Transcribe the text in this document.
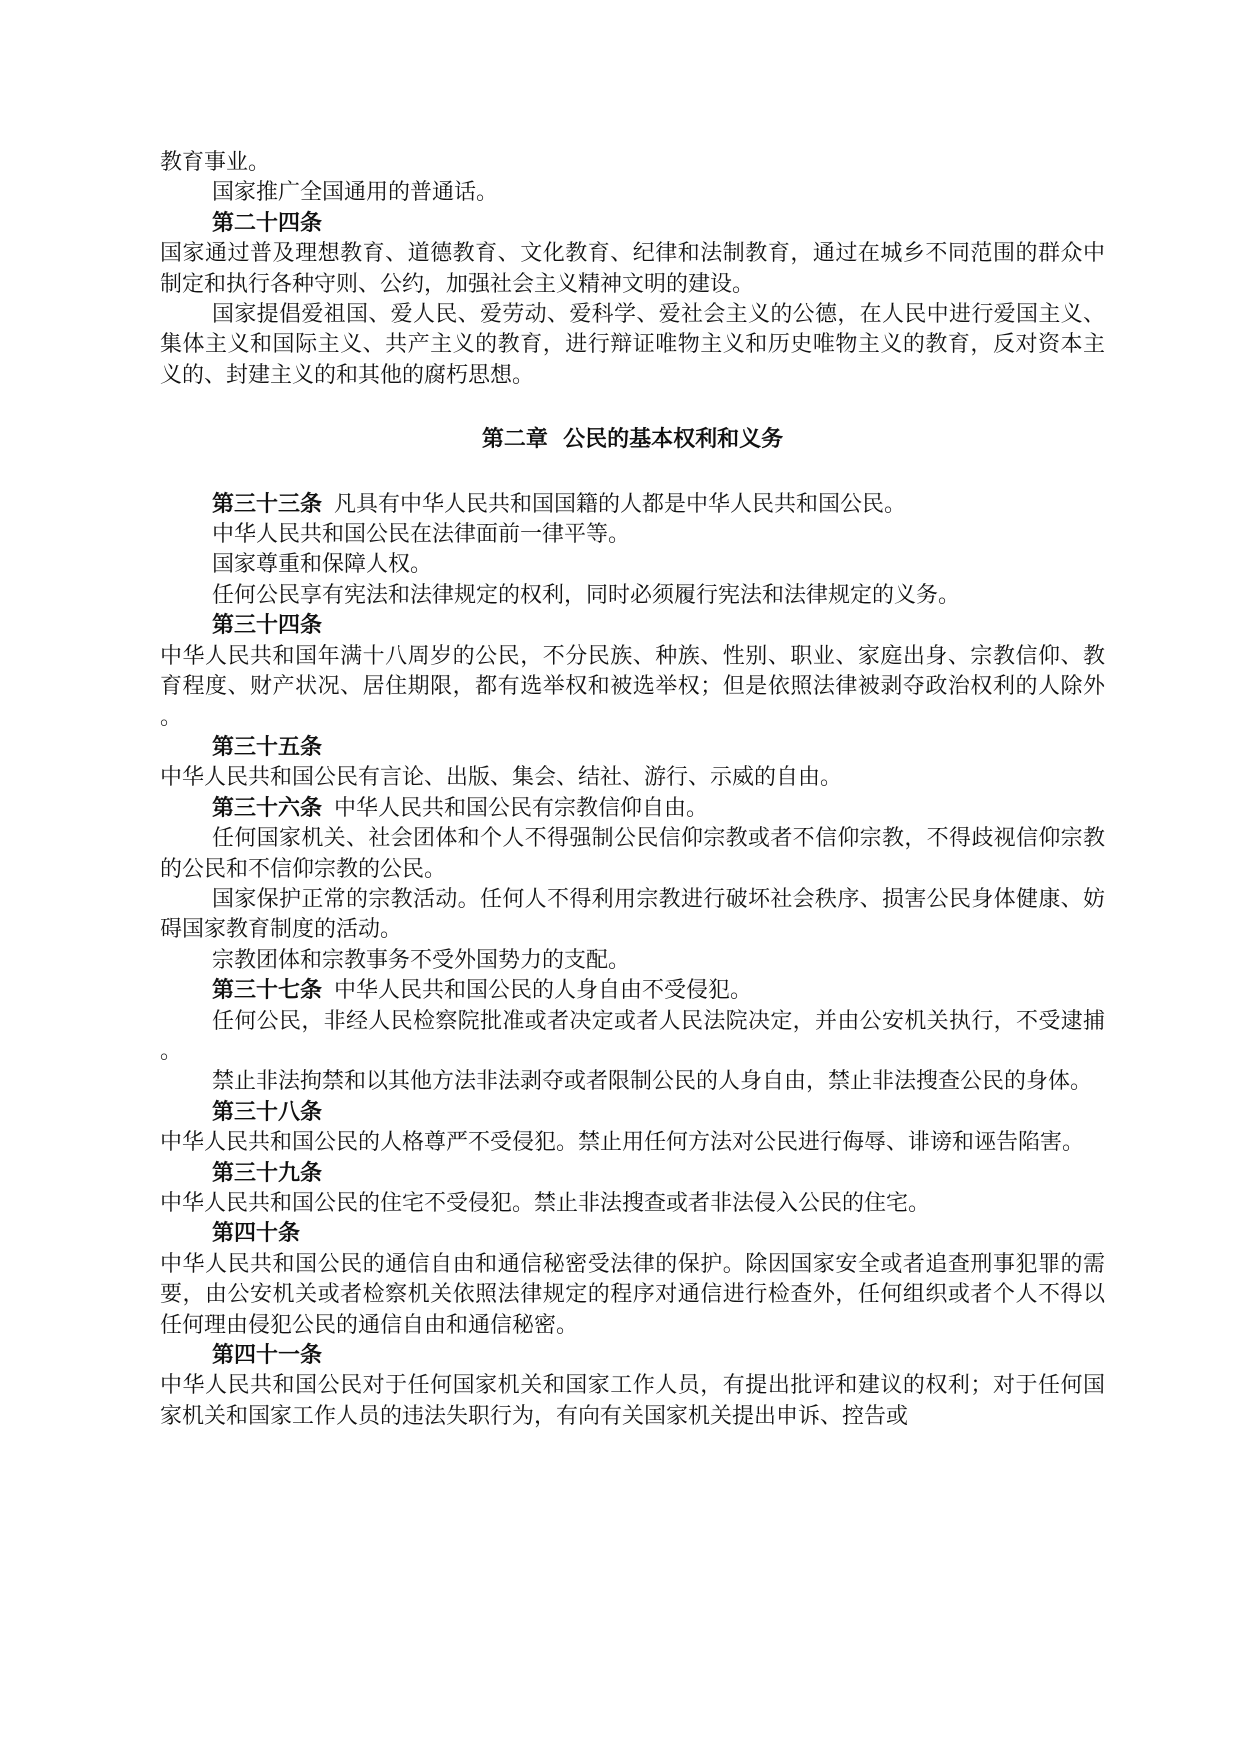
教育事业。

国家推广全国通用的普通话。

第二十四条

国家通过普及理想教育、道德教育、文化教育、纪律和法制教育，通过在城乡不同范围的群众中制定和执行各种守则、公约，加强社会主义精神文明的建设。

国家提倡爱祖国、爱人民、爱劳动、爱科学、爱社会主义的公德，在人民中进行爱国主义、集体主义和国际主义、共产主义的教育，进行辩证唯物主义和历史唯物主义的教育，反对资本主义的、封建主义的和其他的腐朽思想。

第二章  公民的基本权利和义务

第三十三条 凡具有中华人民共和国国籍的人都是中华人民共和国公民。

中华人民共和国公民在法律面前一律平等。

国家尊重和保障人权。

任何公民享有宪法和法律规定的权利，同时必须履行宪法和法律规定的义务。

第三十四条

中华人民共和国年满十八周岁的公民，不分民族、种族、性别、职业、家庭出身、宗教信仰、教育程度、财产状况、居住期限，都有选举权和被选举权；但是依照法律被剥夺政治权利的人除外。

第三十五条

中华人民共和国公民有言论、出版、集会、结社、游行、示威的自由。

第三十六条 中华人民共和国公民有宗教信仰自由。

任何国家机关、社会团体和个人不得强制公民信仰宗教或者不信仰宗教，不得歧视信仰宗教的公民和不信仰宗教的公民。

国家保护正常的宗教活动。任何人不得利用宗教进行破坏社会秩序、损害公民身体健康、妨碍国家教育制度的活动。

宗教团体和宗教事务不受外国势力的支配。

第三十七条 中华人民共和国公民的人身自由不受侵犯。

任何公民，非经人民检察院批准或者决定或者人民法院决定，并由公安机关执行，不受逮捕。

禁止非法拘禁和以其他方法非法剥夺或者限制公民的人身自由，禁止非法搜查公民的身体。

第三十八条

中华人民共和国公民的人格尊严不受侵犯。禁止用任何方法对公民进行侮辱、诽谤和诬告陷害。

第三十九条

中华人民共和国公民的住宅不受侵犯。禁止非法搜查或者非法侵入公民的住宅。

第四十条

中华人民共和国公民的通信自由和通信秘密受法律的保护。除因国家安全或者追查刑事犯罪的需要，由公安机关或者检察机关依照法律规定的程序对通信进行检查外，任何组织或者个人不得以任何理由侵犯公民的通信自由和通信秘密。

第四十一条

中华人民共和国公民对于任何国家机关和国家工作人员，有提出批评和建议的权利；对于任何国家机关和国家工作人员的违法失职行为，有向有关国家机关提出申诉、控告或
